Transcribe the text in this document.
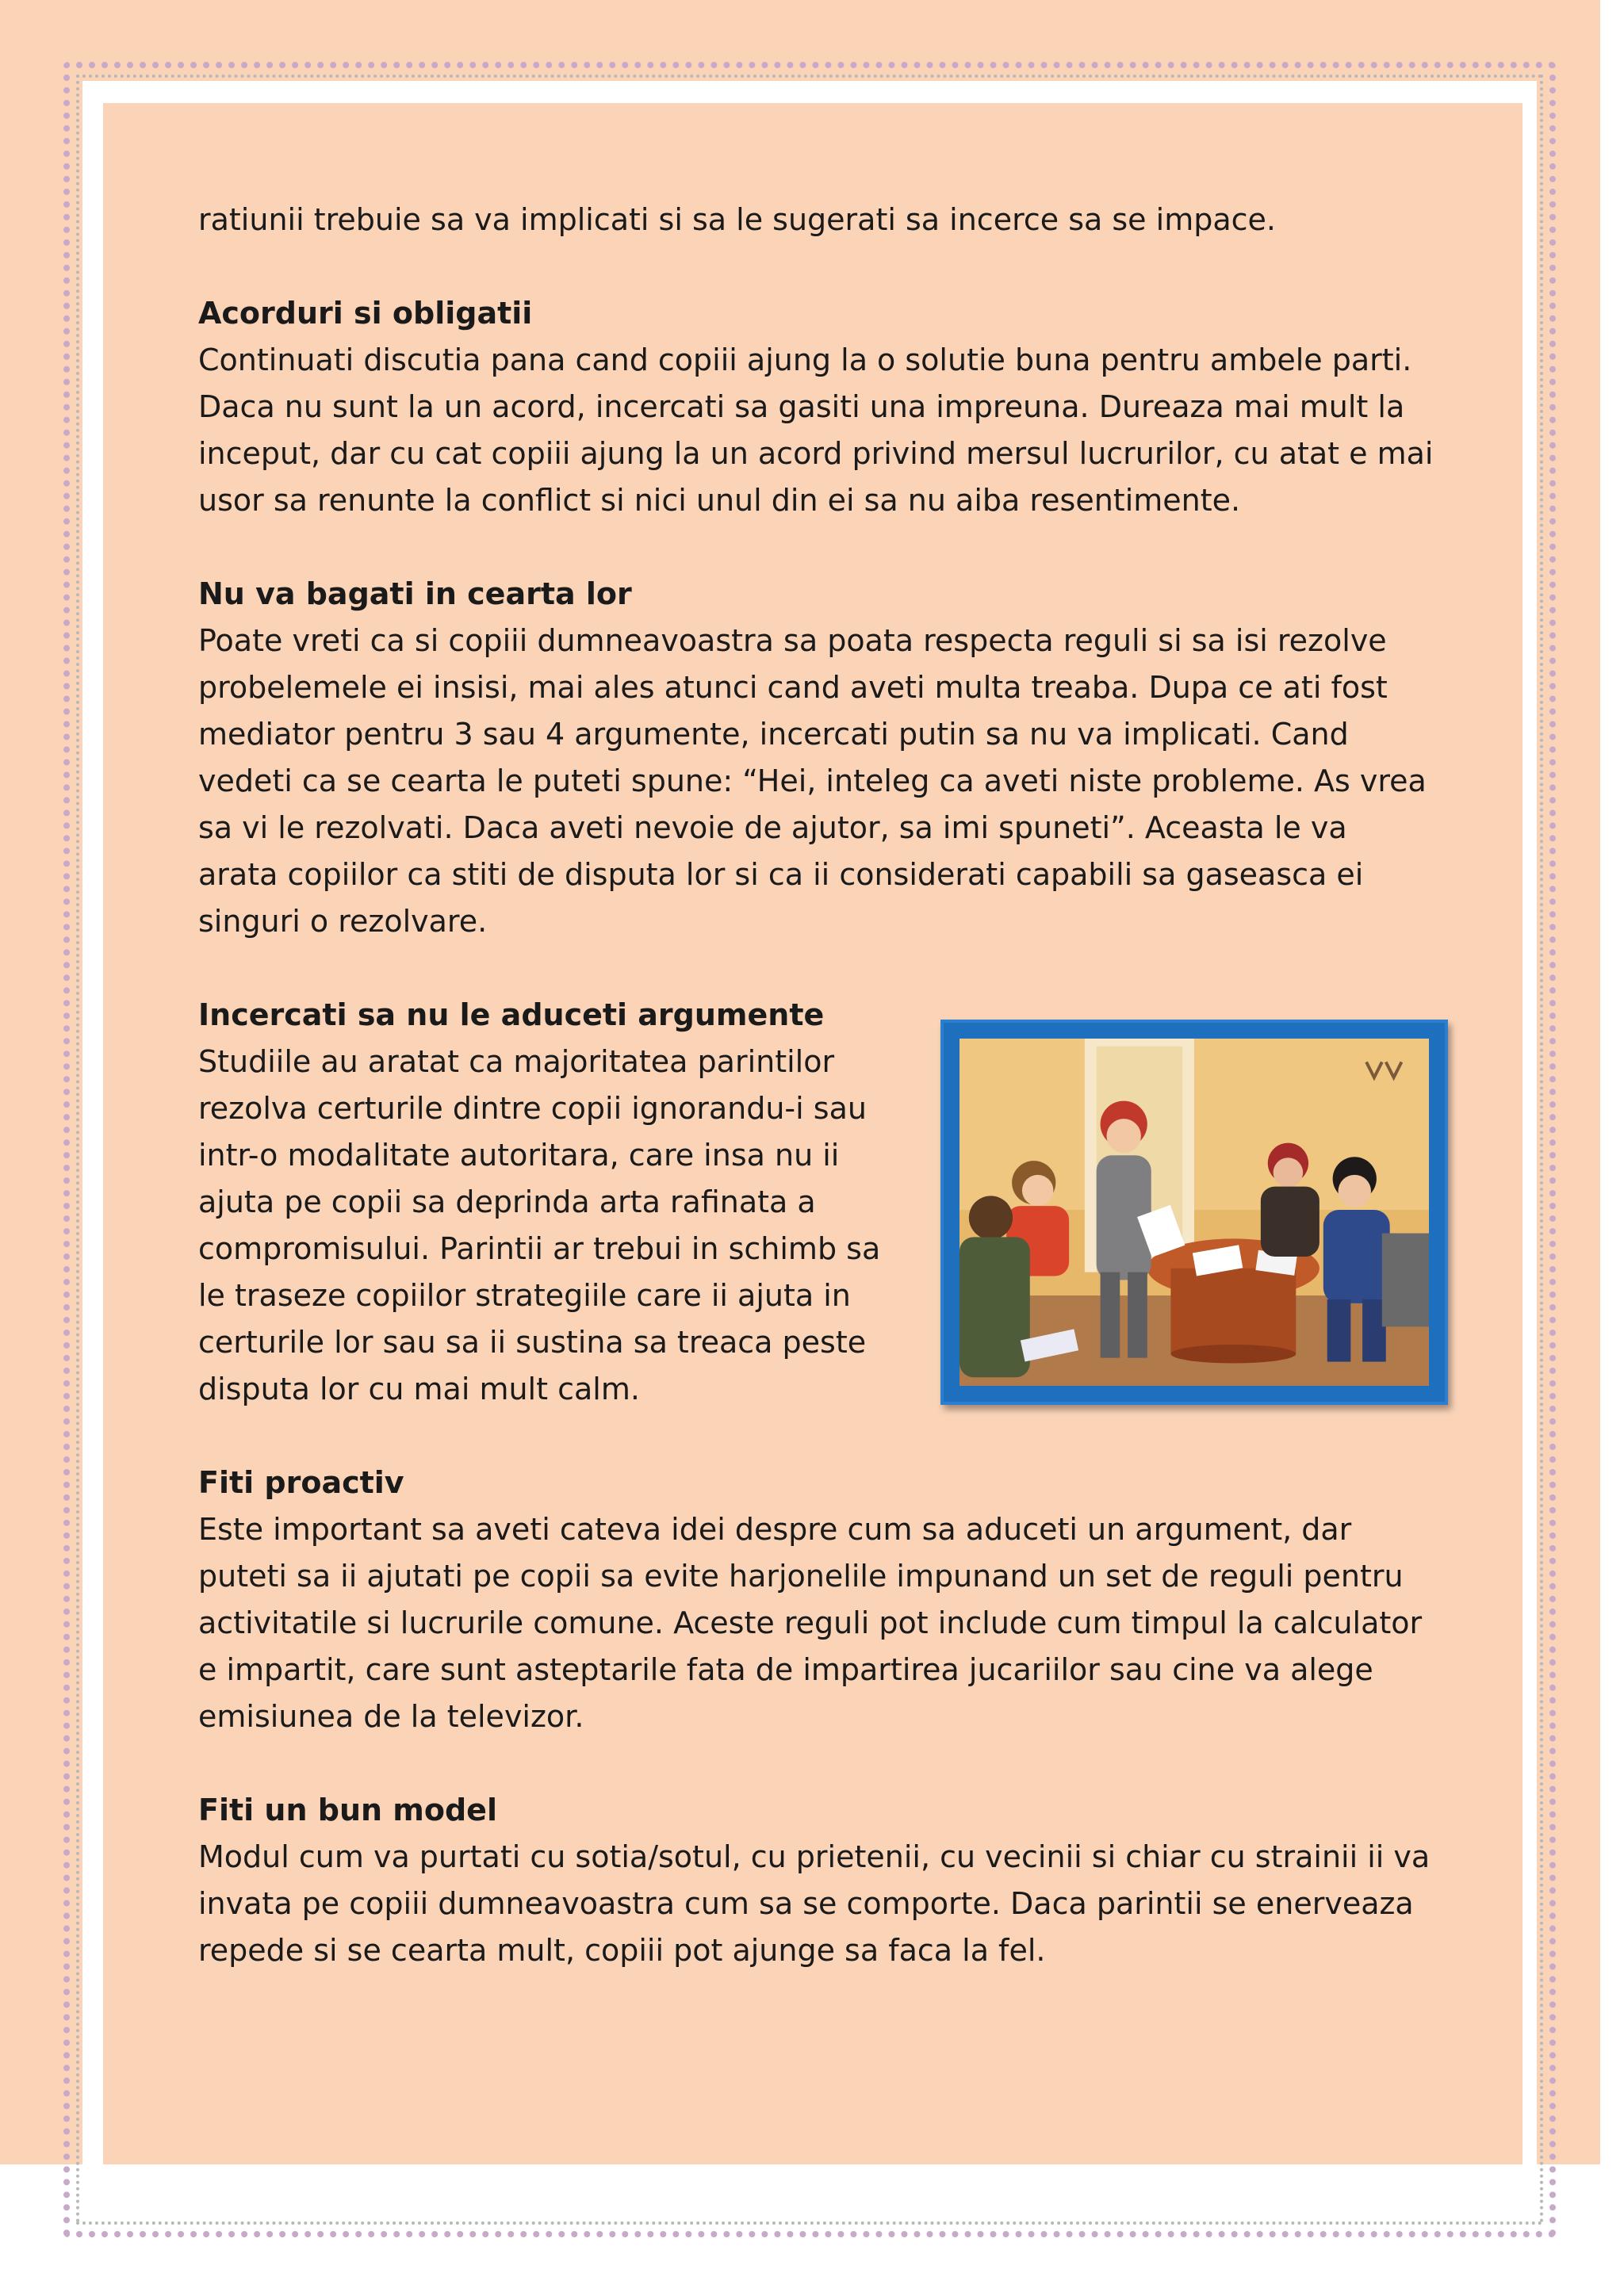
ratiunii trebuie sa va implicati si sa le sugerati sa incerce sa se impace.

Acorduri si obligatii
Continuati discutia pana cand copiii ajung la o solutie buna pentru ambele parti. Daca nu sunt la un acord, incercati sa gasiti una impreuna. Dureaza mai mult la inceput, dar cu cat copiii ajung la un acord privind mersul lucrurilor, cu atat e mai usor sa renunte la conflict si nici unul din ei sa nu aiba resentimente.
Nu va bagati in cearta lor
Poate vreti ca si copiii dumneavoastra sa poata respecta reguli si sa isi rezolve probelemele ei insisi, mai ales atunci cand aveti multa treaba. Dupa ce ati fost mediator pentru 3 sau 4 argumente, incercati putin sa nu va implicati. Cand vedeti ca se cearta le puteti spune: “Hei, inteleg ca aveti niste probleme. As vrea sa vi le rezolvati. Daca aveti nevoie de ajutor, sa imi spuneti”. Aceasta le va arata copiilor ca stiti de disputa lor si ca ii considerati capabili sa gaseasca ei singuri o rezolvare.
Incercati sa nu le aduceti argumente
Studiile au aratat ca majoritatea parintilor rezolva certurile dintre copii ignorandu-i sau intr-o modalitate autoritara, care insa nu ii ajuta pe copii sa deprinda arta rafinata a compromisului. Parintii ar trebui in schimb sa le traseze copiilor strategiile care ii ajuta in certurile lor sau sa ii sustina sa treaca peste disputa lor cu mai mult calm.
Fiti proactiv
Este important sa aveti cateva idei despre cum sa aduceti un argument, dar puteti sa ii ajutati pe copii sa evite harjonelile impunand un set de reguli pentru activitatile si lucrurile comune. Aceste reguli pot include cum timpul la calculator e impartit, care sunt asteptarile fata de impartirea jucariilor sau cine va alege emisiunea de la televizor.
Fiti un bun model
Modul cum va purtati cu sotia/sotul, cu prietenii, cu vecinii si chiar cu strainii ii va invata pe copiii dumneavoastra cum sa se comporte. Daca parintii se enerveaza repede si se cearta mult, copiii pot ajunge sa faca la fel.
